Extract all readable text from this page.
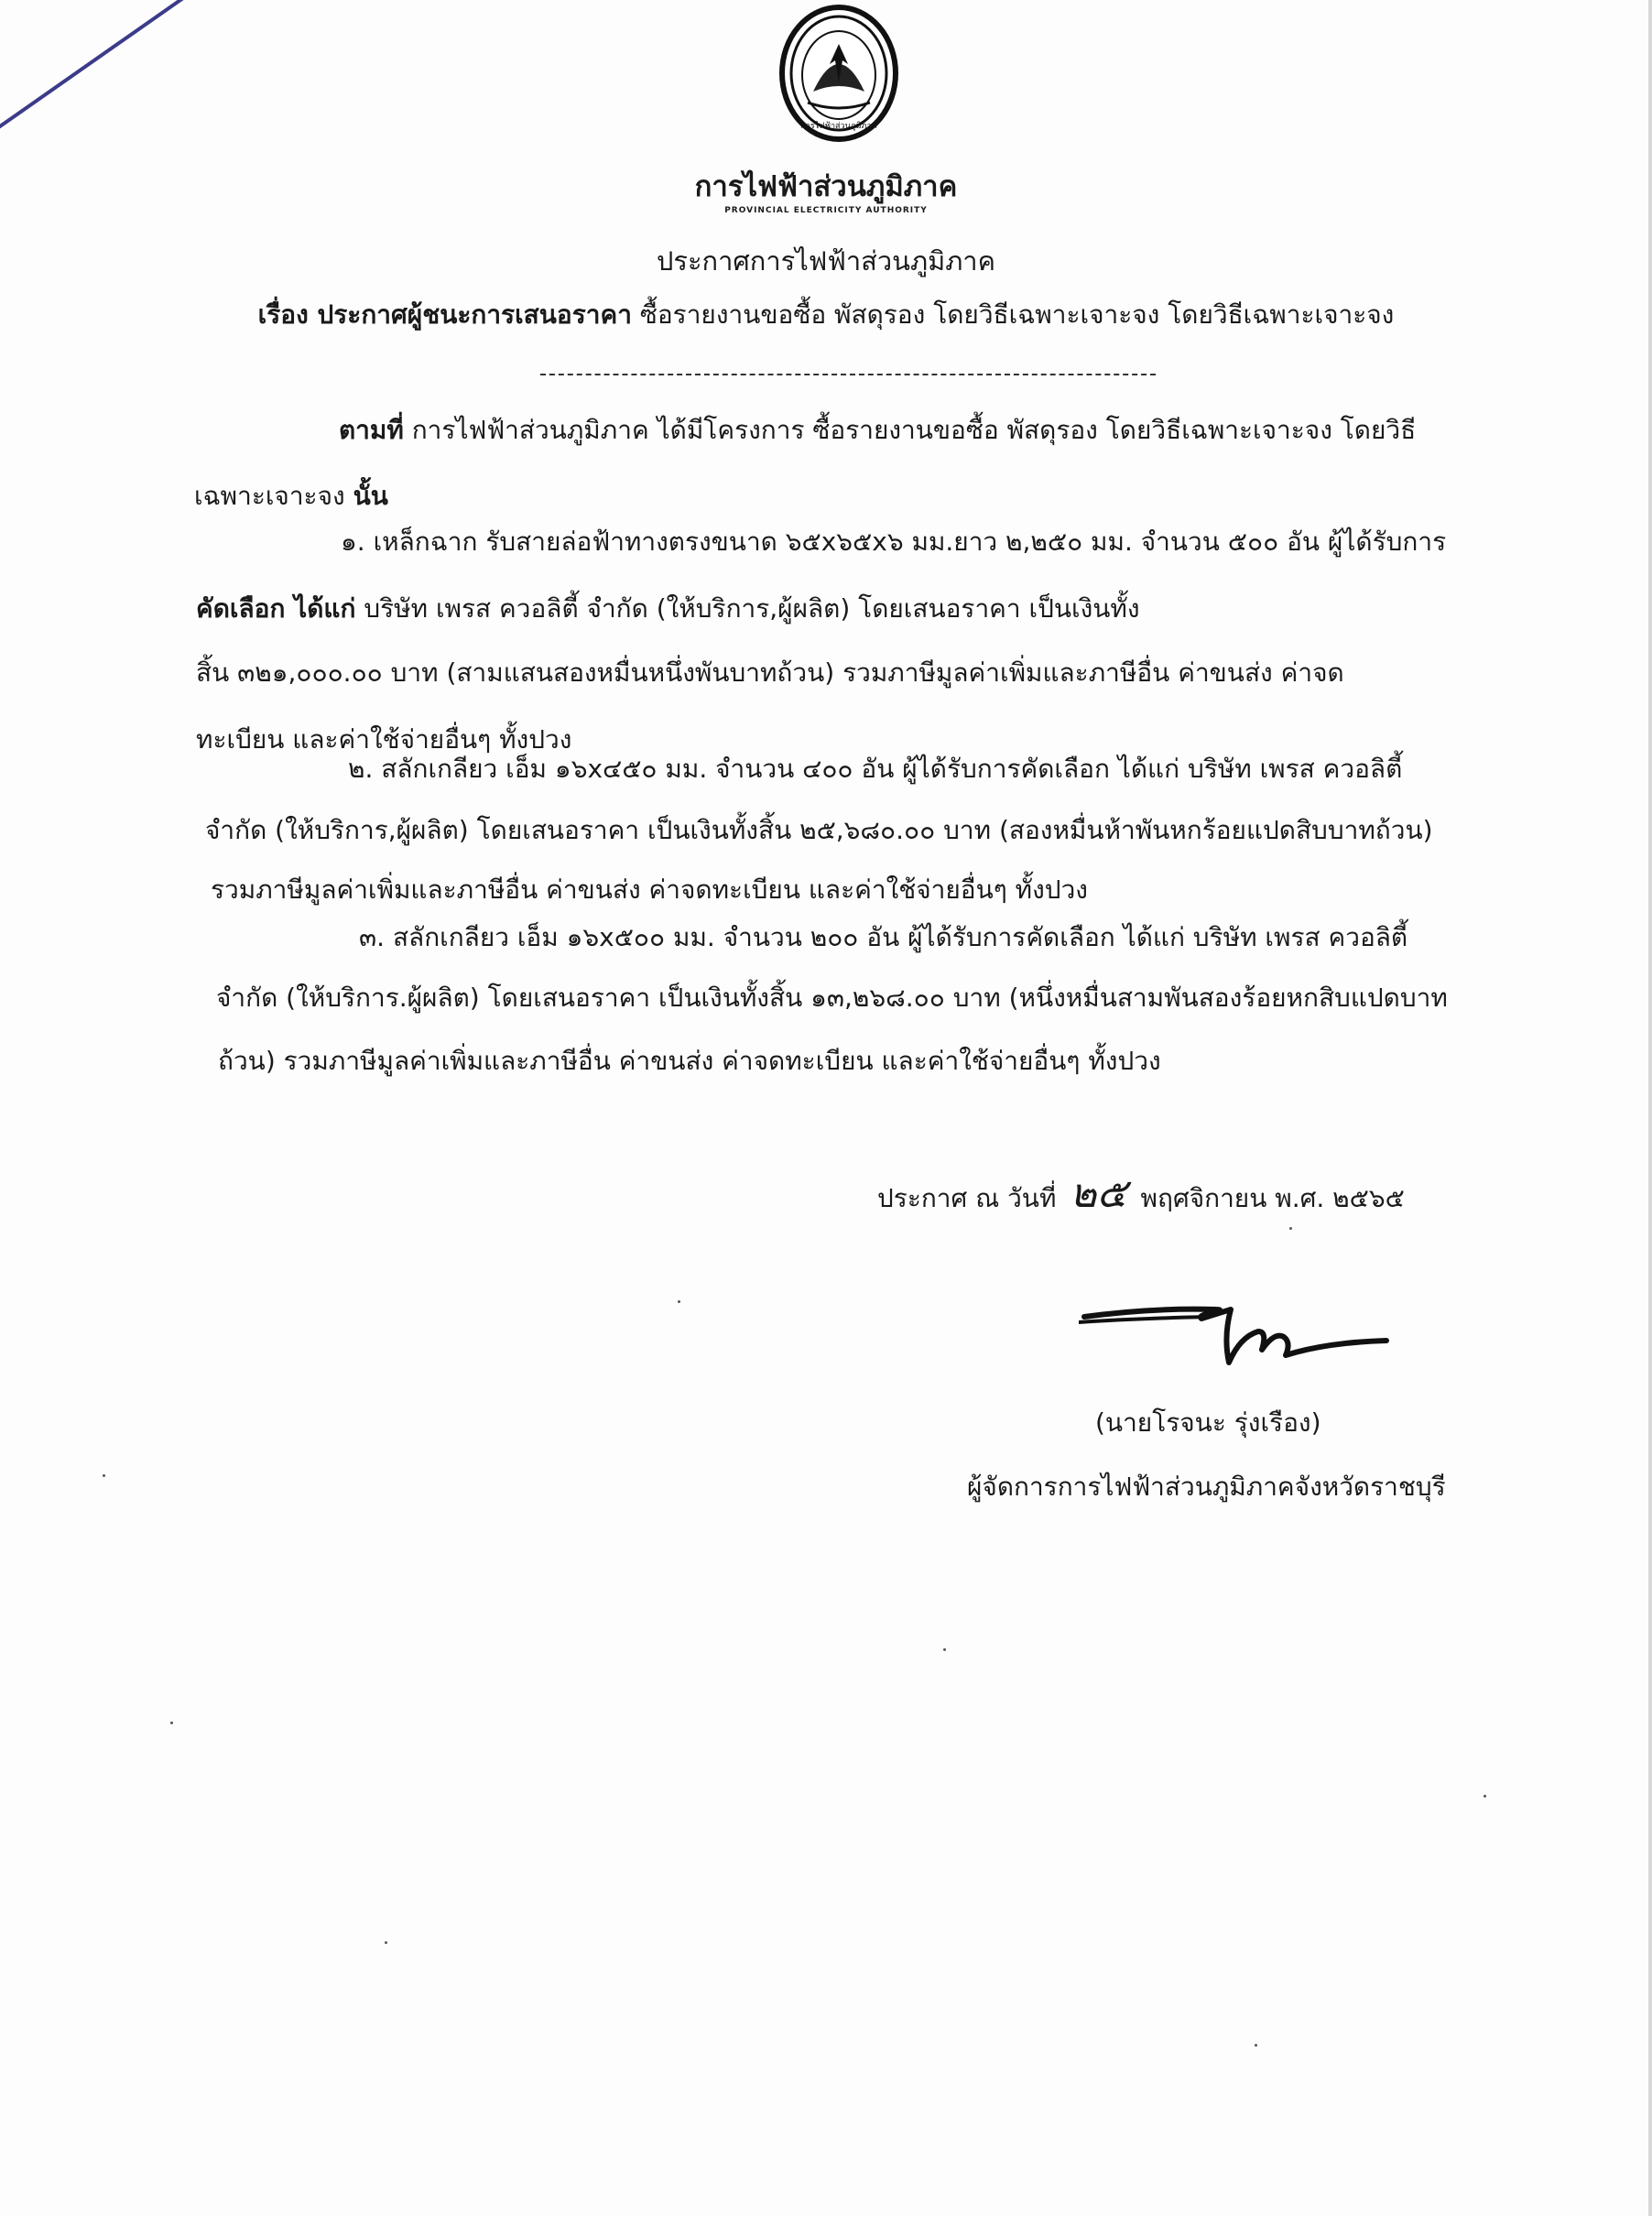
การไฟฟ้าส่วนภูมิภาค
การไฟฟ้าส่วนภูมิภาค
PROVINCIAL ELECTRICITY AUTHORITY
ประกาศการไฟฟ้าส่วนภูมิภาค
เรื่อง ประกาศผู้ชนะการเสนอราคา ซื้อรายงานขอซื้อ พัสดุรอง โดยวิธีเฉพาะเจาะจง โดยวิธีเฉพาะเจาะจง
ตามที่ การไฟฟ้าส่วนภูมิภาค ได้มีโครงการ ซื้อรายงานขอซื้อ พัสดุรอง โดยวิธีเฉพาะเจาะจง โดยวิธี
เฉพาะเจาะจง นั้น
๑. เหล็กฉาก รับสายล่อฟ้าทางตรงขนาด ๖๕x๖๕x๖ มม.ยาว ๒,๒๕๐ มม. จำนวน ๕๐๐ อัน ผู้ได้รับการ
คัดเลือก ได้แก่ บริษัท เพรส ควอลิตี้ จำกัด (ให้บริการ,ผู้ผลิต) โดยเสนอราคา เป็นเงินทั้ง
สิ้น ๓๒๑,๐๐๐.๐๐ บาท (สามแสนสองหมื่นหนึ่งพันบาทถ้วน) รวมภาษีมูลค่าเพิ่มและภาษีอื่น ค่าขนส่ง ค่าจด
ทะเบียน และค่าใช้จ่ายอื่นๆ ทั้งปวง
๒. สลักเกลียว เอ็ม ๑๖x๔๕๐ มม. จำนวน ๔๐๐ อัน ผู้ได้รับการคัดเลือก ได้แก่ บริษัท เพรส ควอลิตี้
จำกัด (ให้บริการ,ผู้ผลิต) โดยเสนอราคา เป็นเงินทั้งสิ้น ๒๕,๖๘๐.๐๐ บาท (สองหมื่นห้าพันหกร้อยแปดสิบบาทถ้วน)
รวมภาษีมูลค่าเพิ่มและภาษีอื่น ค่าขนส่ง ค่าจดทะเบียน และค่าใช้จ่ายอื่นๆ ทั้งปวง
๓. สลักเกลียว เอ็ม ๑๖x๕๐๐ มม. จำนวน ๒๐๐ อัน ผู้ได้รับการคัดเลือก ได้แก่ บริษัท เพรส ควอลิตี้
จำกัด (ให้บริการ.ผู้ผลิต) โดยเสนอราคา เป็นเงินทั้งสิ้น ๑๓,๒๖๘.๐๐ บาท (หนึ่งหมื่นสามพันสองร้อยหกสิบแปดบาท
ถ้วน) รวมภาษีมูลค่าเพิ่มและภาษีอื่น ค่าขนส่ง ค่าจดทะเบียน และค่าใช้จ่ายอื่นๆ ทั้งปวง
ประกาศ ณ วันที่ ๒๕ พฤศจิกายน พ.ศ. ๒๕๖๕
(นายโรจนะ รุ่งเรือง)
ผู้จัดการการไฟฟ้าส่วนภูมิภาคจังหวัดราชบุรี
